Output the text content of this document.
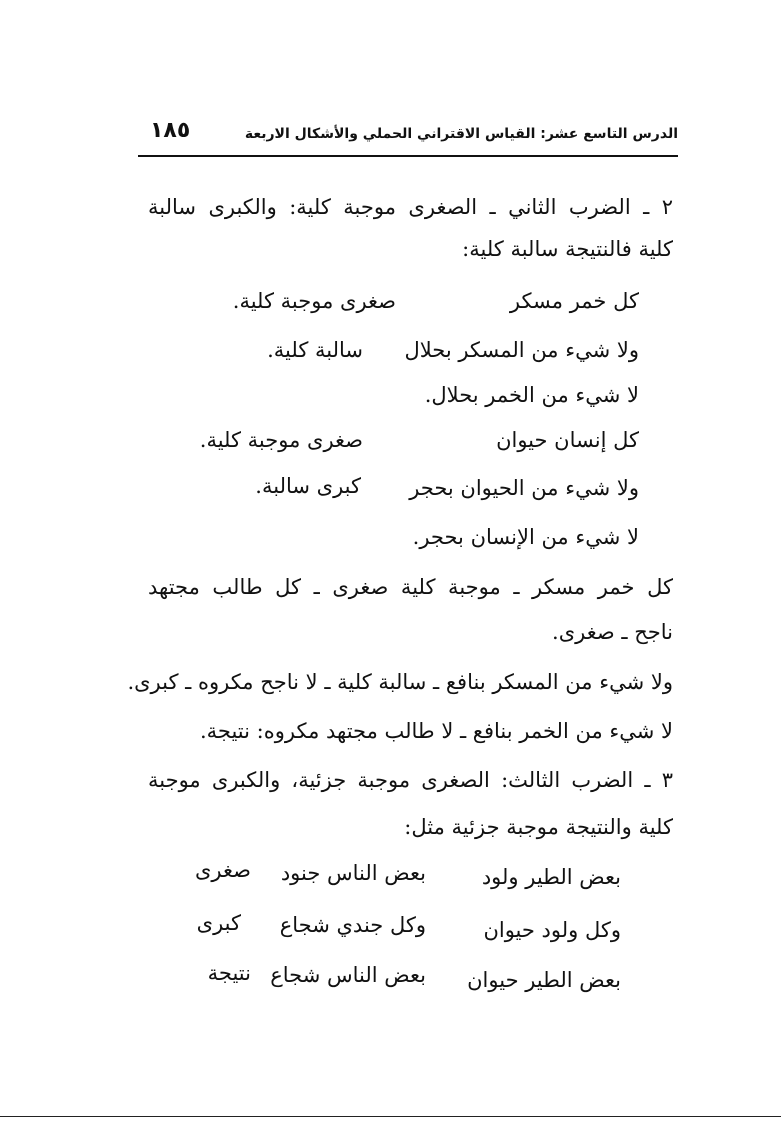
الدرس التاسع عشر: القياس الاقتراني الحملي والأشكال الاربعة
١٨٥
٢ ـ الضرب الثاني ـ الصغرى موجبة كلية: والكبرى سالبة
كلية فالنتيجة سالبة كلية:
كل خمر مسكر
صغرى موجبة كلية.
ولا شيء من المسكر بحلال
سالبة كلية.
لا شيء من الخمر بحلال.
كل إنسان حيوان
صغرى موجبة كلية.
ولا شيء من الحيوان بحجر
كبرى سالبة.
لا شيء من الإنسان بحجر.
كل خمر مسكر ـ موجبة كلية صغرى ـ كل طالب مجتهد
ناجح ـ صغرى.
ولا شيء من المسكر بنافع ـ سالبة كلية ـ لا ناجح مكروه ـ كبرى.
لا شيء من الخمر بنافع ـ لا طالب مجتهد مكروه: نتيجة.
٣ ـ الضرب الثالث: الصغرى موجبة جزئية، والكبرى موجبة
كلية والنتيجة موجبة جزئية مثل:
بعض الطير ولود
بعض الناس جنود
صغرى
وكل ولود حيوان
وكل جندي شجاع
كبرى
بعض الطير حيوان
بعض الناس شجاع
نتيجة
